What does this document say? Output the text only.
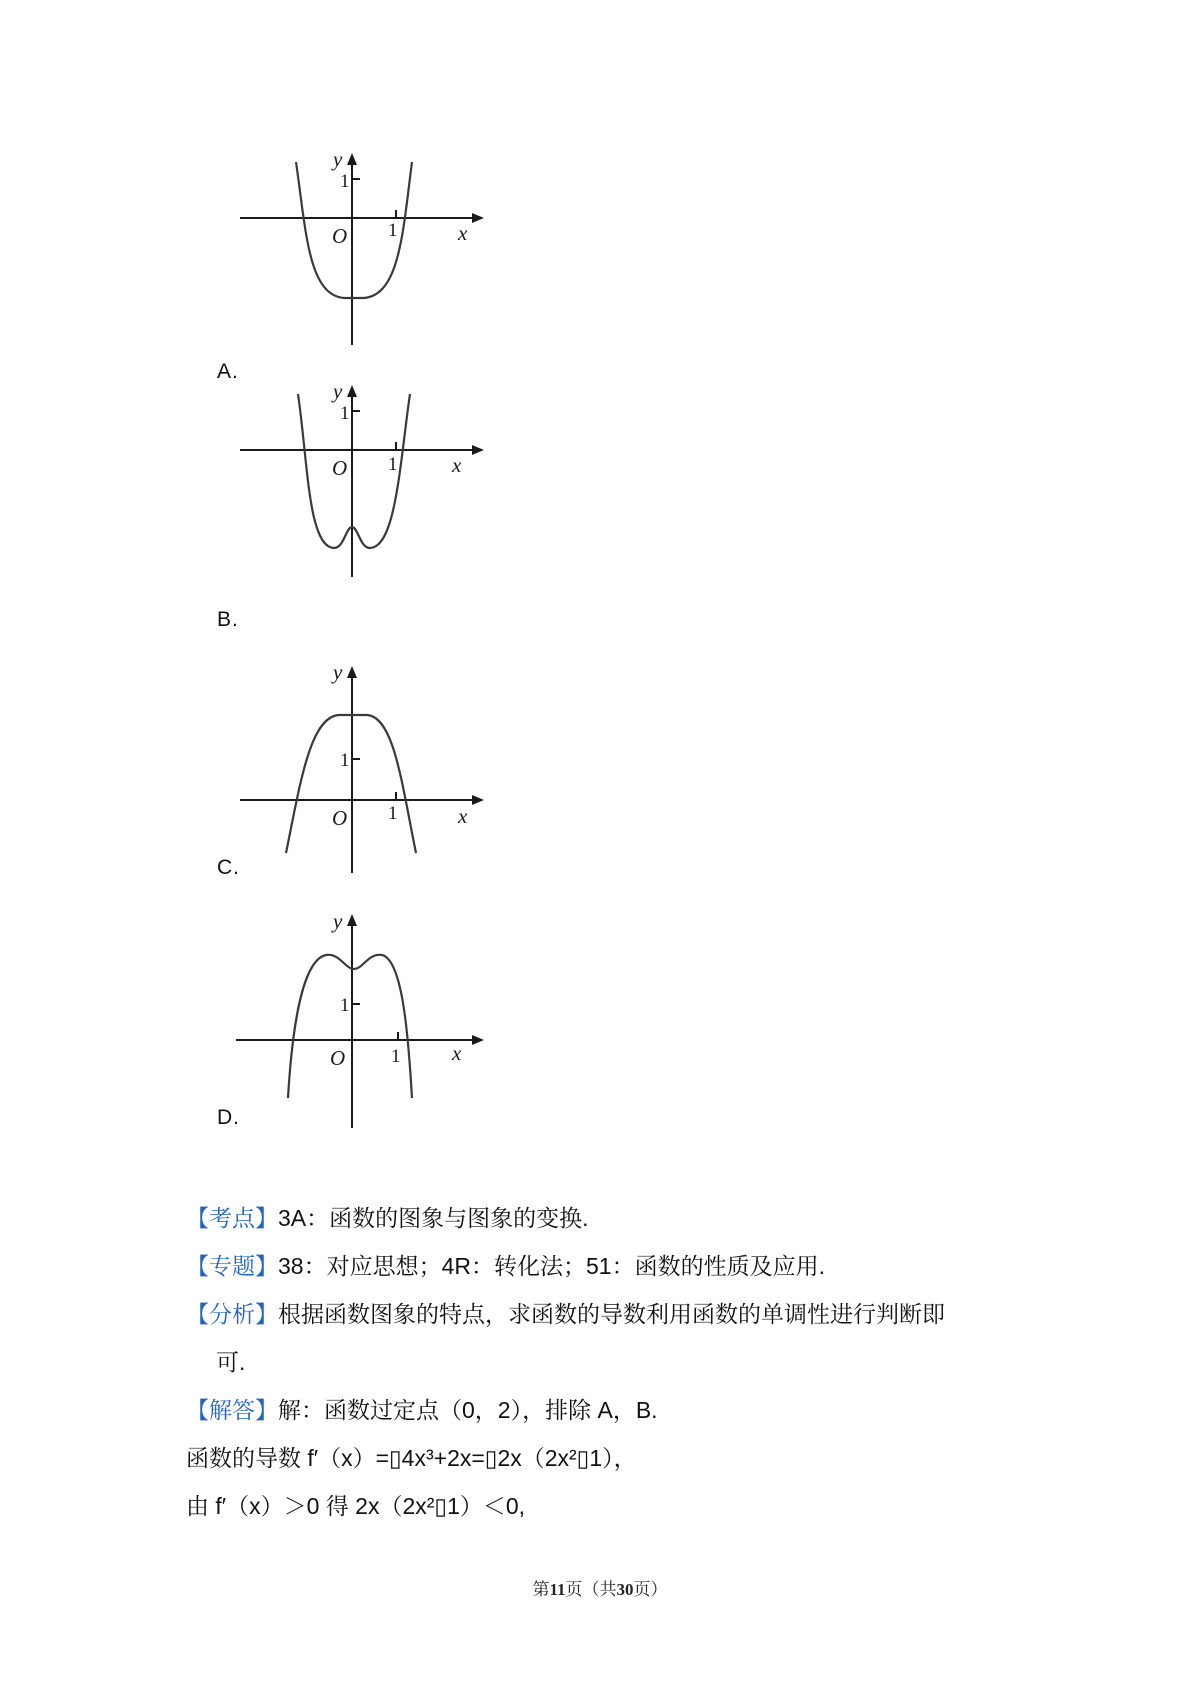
y
x
O
1
1
A.
y
x
O
1
1
B.
y
x
O
1
1
C.
y
x
O
1
1
D.
【考点】3A：函数的图象与图象的变换.
【专题】38：对应思想；4R：转化法；51：函数的性质及应用.
【分析】根据函数图象的特点，求函数的导数利用函数的单调性进行判断即
可.
【解答】解：函数过定点（0，2），排除 A，B.
函数的导数 f′（x）=▯4x³+2x=▯2x（2x²▯1），
由 f′（x）＞0 得 2x（2x²▯1）＜0,
第11页（共30页）
